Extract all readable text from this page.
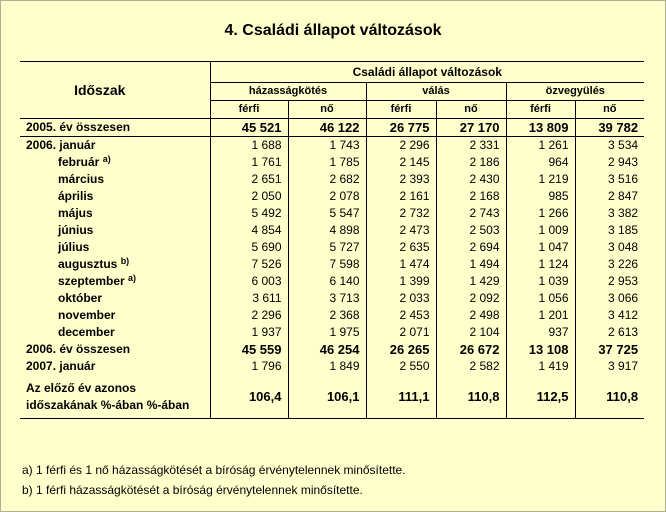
4. Családi állapot változások
Időszak	Családi állapot változások					
	házasságkötés		válás		özvegyülés	
	férfi	nő	férfi	nő	férfi	nő
2005. év összesen	45 521	46 122	26 775	27 170	13 809	39 782
2006. január	1 688	1 743	2 296	2 331	1 261	3 534
február $^{a)}$	1 761	1 785	2 145	2 186	964	2 943
március	2 651	2 682	2 393	2 430	1 219	3 516
április	2 050	2 078	2 161	2 168	985	2 847
május	5 492	5 547	2 732	2 743	1 266	3 382
június	4 854	4 898	2 473	2 503	1 009	3 185
július	5 690	5 727	2 635	2 694	1 047	3 048
augusztus $^{b)}$	7 526	7 598	1 474	1 494	1 124	3 226
szeptember $^{a)}$	6 003	6 140	1 399	1 429	1 039	2 953
október	3 611	3 713	2 033	2 092	1 056	3 066
november	2 296	2 368	2 453	2 498	1 201	3 412
december	1 937	1 975	2 071	2 104	937	2 613
2006. év összesen	45 559	46 254	26 265	26 672	13 108	37 725
2007. január	1 796	1 849	2 550	2 582	1 419	3 917

Az előző év azonos
időszakának %-ában %-ában	106,4	106,1	111,1	110,8	112,5	110,8
a) 1 férfi és 1 nő házasságkötését a bíróság érvénytelennek minősítette.
b) 1 férfi házasságkötését a bíróság érvénytelennek minősítette.
